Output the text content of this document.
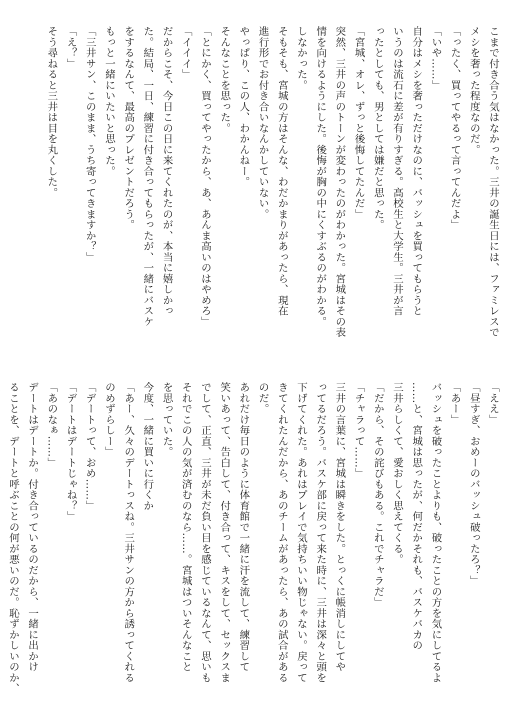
こまで付き合う気はなかった。三井の誕生日には、ファミレスで
メシを奢った程度なのだ。
「ったく、買ってやるって言ってんだよ」
「いや……」
自分はメシを奢っただけなのに、バッシュを買ってもらうと
いうのは流石に差が有りすぎる。高校生と大学生。三井が言
ったとしても、男としては嫌だと思った。
「宮城、オレ、ずっと後悔してたんだ」
突然、三井の声のトーンが変わったのがわかった。宮城はその表
情を向けるようにした。後悔が胸の中にくすぶるのがわかる。
しなかった。
そもそも、宮城の方はそんな、わだかまりがあったら、現在
進行形でお付き合いなんかしていない。
やっぱり、この人、わかんねー。
そんなことを思った。
「とにかく、買ってやったから、あ、あんま高いのはやめろ」
「イイイ」
だからこそ、今日この日に来てくれたのが、本当に嬉しかっ
た。結局、一日、練習に付き合ってもらったが、一緒にバスケ
をするなんて、最高のプレゼントだろう。
もっと一緒にいたいと思った。
「三井サン、このまま、うち寄ってきますか？」
「え？」
そう尋ねると三井は目を丸くした。
「ええ」
「昼すぎ、おめーのバッシュ破ったろ？」
「あー」
バッシュを破ったことよりも、破ったことの方を気にしてるよ
……と、宮城は思ったが、何だかそれも、バスケバカの
三井らしくて、愛おしく思えてくる。
「だから、その詫びもある。これでチャラだ」
「チャラって……」
三井の言葉に、宮城は瞬きをした。とっくに帳消しにしてや
ってるだろう。バスケ部に戻って来た時に、三井は深々と頭を
下げてくれた。あれはプレイで気持ちいい物じゃない。戻って
きてくれたんだから、あのチームがあったら、あの試合がある
のだ。
あれだけ毎日のように体育館で一緒に汗を流して、練習して
笑いあって、告白して、付き合って、キスをして、セックスま
でして、正直、三井が未だ負い目を感じているなんて、思いも
それでこの人の気が済むのなら……。宮城はついそんなこと
を思っていた。
今度、一緒に買いに行くか
「あー、久々のデートっスね。三井サンの方から誘ってくれる
のめずらしー」
「デートって、おめ……」
「デートはデートじゃね？」
「あのなぁ……」
デートはデートか。付き合っているのだから、一緒に出かけ
ることを、デートと呼ぶことの何が悪いのだ。恥ずかしいのか、
